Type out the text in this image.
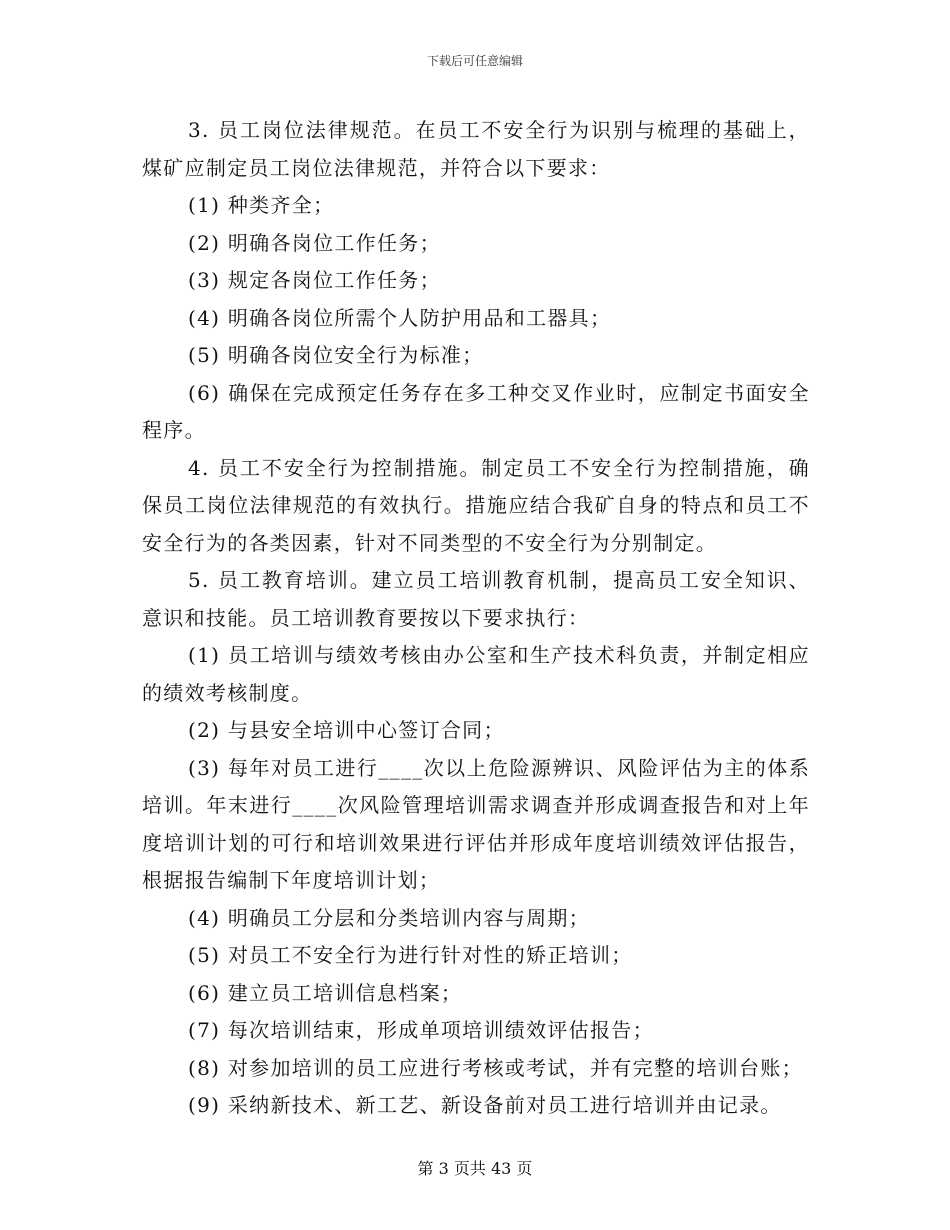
下载后可任意编辑

3. 员工岗位法律规范。在员工不安全行为识别与梳理的基础上，煤矿应制定员工岗位法律规范，并符合以下要求：

(1) 种类齐全；

(2) 明确各岗位工作任务；

(3) 规定各岗位工作任务；

(4) 明确各岗位所需个人防护用品和工器具；

(5) 明确各岗位安全行为标准；

(6) 确保在完成预定任务存在多工种交叉作业时，应制定书面安全程序。

4. 员工不安全行为控制措施。制定员工不安全行为控制措施，确保员工岗位法律规范的有效执行。措施应结合我矿自身的特点和员工不安全行为的各类因素，针对不同类型的不安全行为分别制定。

5. 员工教育培训。建立员工培训教育机制，提高员工安全知识、意识和技能。员工培训教育要按以下要求执行：

(1) 员工培训与绩效考核由办公室和生产技术科负责，并制定相应的绩效考核制度。

(2) 与县安全培训中心签订合同；

(3) 每年对员工进行____次以上危险源辨识、风险评估为主的体系培训。年末进行____次风险管理培训需求调查并形成调查报告和对上年度培训计划的可行和培训效果进行评估并形成年度培训绩效评估报告，根据报告编制下年度培训计划；

(4) 明确员工分层和分类培训内容与周期；

(5) 对员工不安全行为进行针对性的矫正培训；

(6) 建立员工培训信息档案；

(7) 每次培训结束，形成单项培训绩效评估报告；

(8) 对参加培训的员工应进行考核或考试，并有完整的培训台账；

(9) 采纳新技术、新工艺、新设备前对员工进行培训并由记录。

第 3 页共 43 页
